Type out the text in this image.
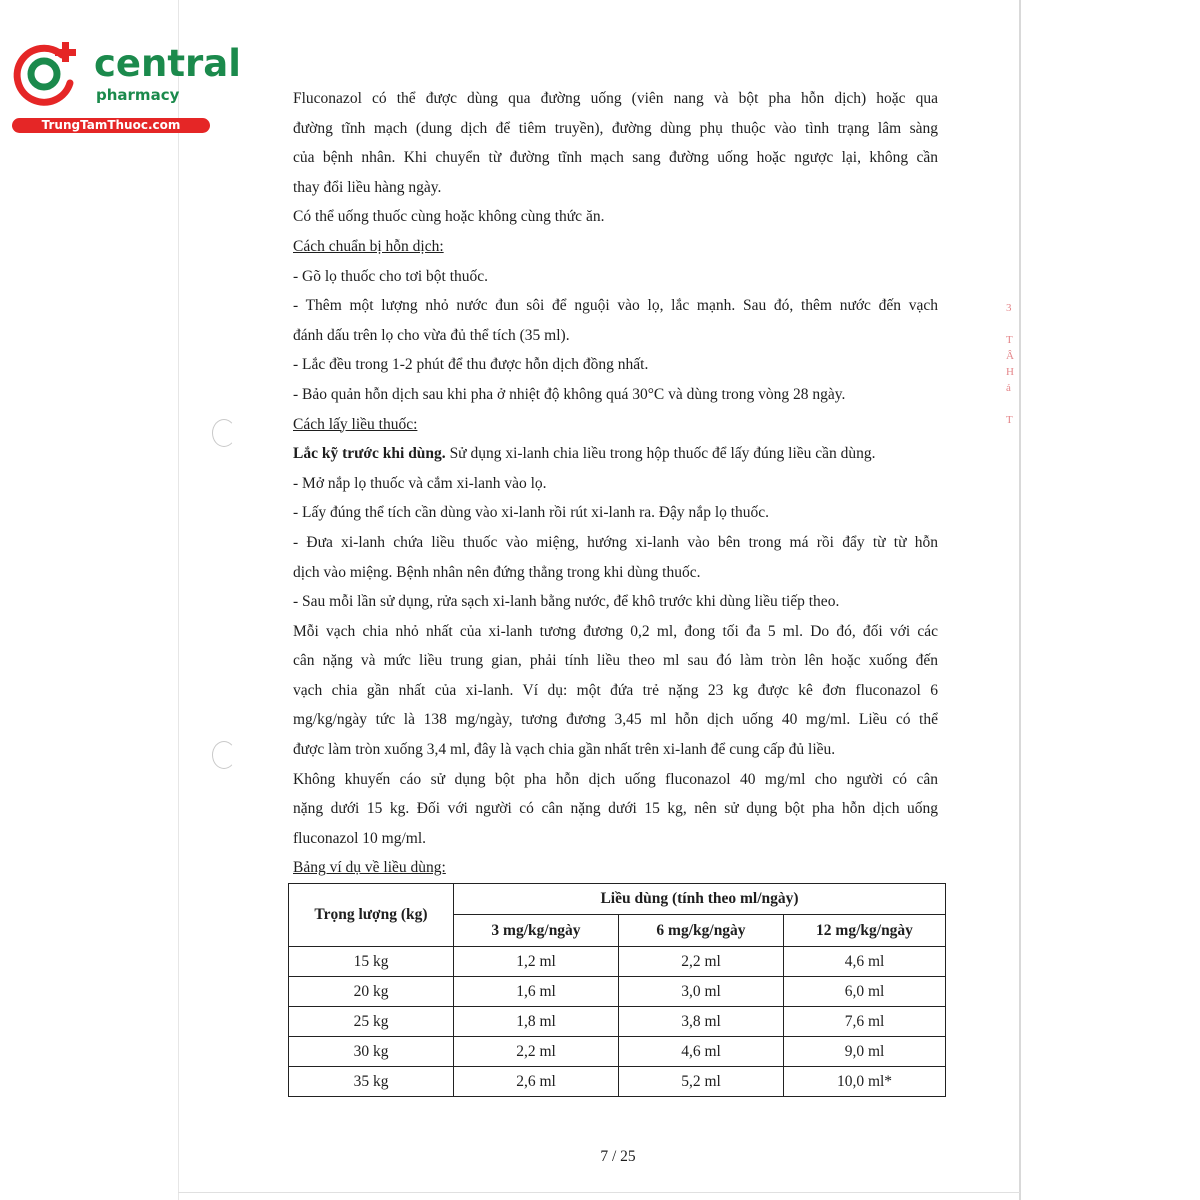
central
pharmacy
TrungTamThuoc.com
3

T
Â
H
ả

T
Fluconazol có thể được dùng qua đường uống (viên nang và bột pha hỗn dịch) hoặc qua
đường tĩnh mạch (dung dịch để tiêm truyền), đường dùng phụ thuộc vào tình trạng lâm sàng
của bệnh nhân. Khi chuyển từ đường tĩnh mạch sang đường uống hoặc ngược lại, không cần
thay đổi liều hàng ngày.
Có thể uống thuốc cùng hoặc không cùng thức ăn.
Cách chuẩn bị hỗn dịch:
- Gõ lọ thuốc cho tơi bột thuốc.
- Thêm một lượng nhỏ nước đun sôi để nguội vào lọ, lắc mạnh. Sau đó, thêm nước đến vạch
đánh dấu trên lọ cho vừa đủ thể tích (35 ml).
- Lắc đều trong 1-2 phút để thu được hỗn dịch đồng nhất.
- Bảo quản hỗn dịch sau khi pha ở nhiệt độ không quá 30°C và dùng trong vòng 28 ngày.
Cách lấy liều thuốc:
Lắc kỹ trước khi dùng. Sử dụng xi-lanh chia liều trong hộp thuốc để lấy đúng liều cần dùng.
- Mở nắp lọ thuốc và cắm xi-lanh vào lọ.
- Lấy đúng thể tích cần dùng vào xi-lanh rồi rút xi-lanh ra. Đậy nắp lọ thuốc.
- Đưa xi-lanh chứa liều thuốc vào miệng, hướng xi-lanh vào bên trong má rồi đẩy từ từ hỗn
dịch vào miệng. Bệnh nhân nên đứng thẳng trong khi dùng thuốc.
- Sau mỗi lần sử dụng, rửa sạch xi-lanh bằng nước, để khô trước khi dùng liều tiếp theo.
Mỗi vạch chia nhỏ nhất của xi-lanh tương đương 0,2 ml, đong tối đa 5 ml. Do đó, đối với các
cân nặng và mức liều trung gian, phải tính liều theo ml sau đó làm tròn lên hoặc xuống đến
vạch chia gần nhất của xi-lanh. Ví dụ: một đứa trẻ nặng 23 kg được kê đơn fluconazol 6
mg/kg/ngày tức là 138 mg/ngày, tương đương 3,45 ml hỗn dịch uống 40 mg/ml. Liều có thể
được làm tròn xuống 3,4 ml, đây là vạch chia gần nhất trên xi-lanh để cung cấp đủ liều.
Không khuyến cáo sử dụng bột pha hỗn dịch uống fluconazol 40 mg/ml cho người có cân
nặng dưới 15 kg. Đối với người có cân nặng dưới 15 kg, nên sử dụng bột pha hỗn dịch uống
fluconazol 10 mg/ml.
Bảng ví dụ về liều dùng:
Trọng lượng (kg)	Liều dùng (tính theo ml/ngày)		
	3 mg/kg/ngày	6 mg/kg/ngày	12 mg/kg/ngày
15 kg	1,2 ml	2,2 ml	4,6 ml
20 kg	1,6 ml	3,0 ml	6,0 ml
25 kg	1,8 ml	3,8 ml	7,6 ml
30 kg	2,2 ml	4,6 ml	9,0 ml
35 kg	2,6 ml	5,2 ml	10,0 ml*
7 / 25
